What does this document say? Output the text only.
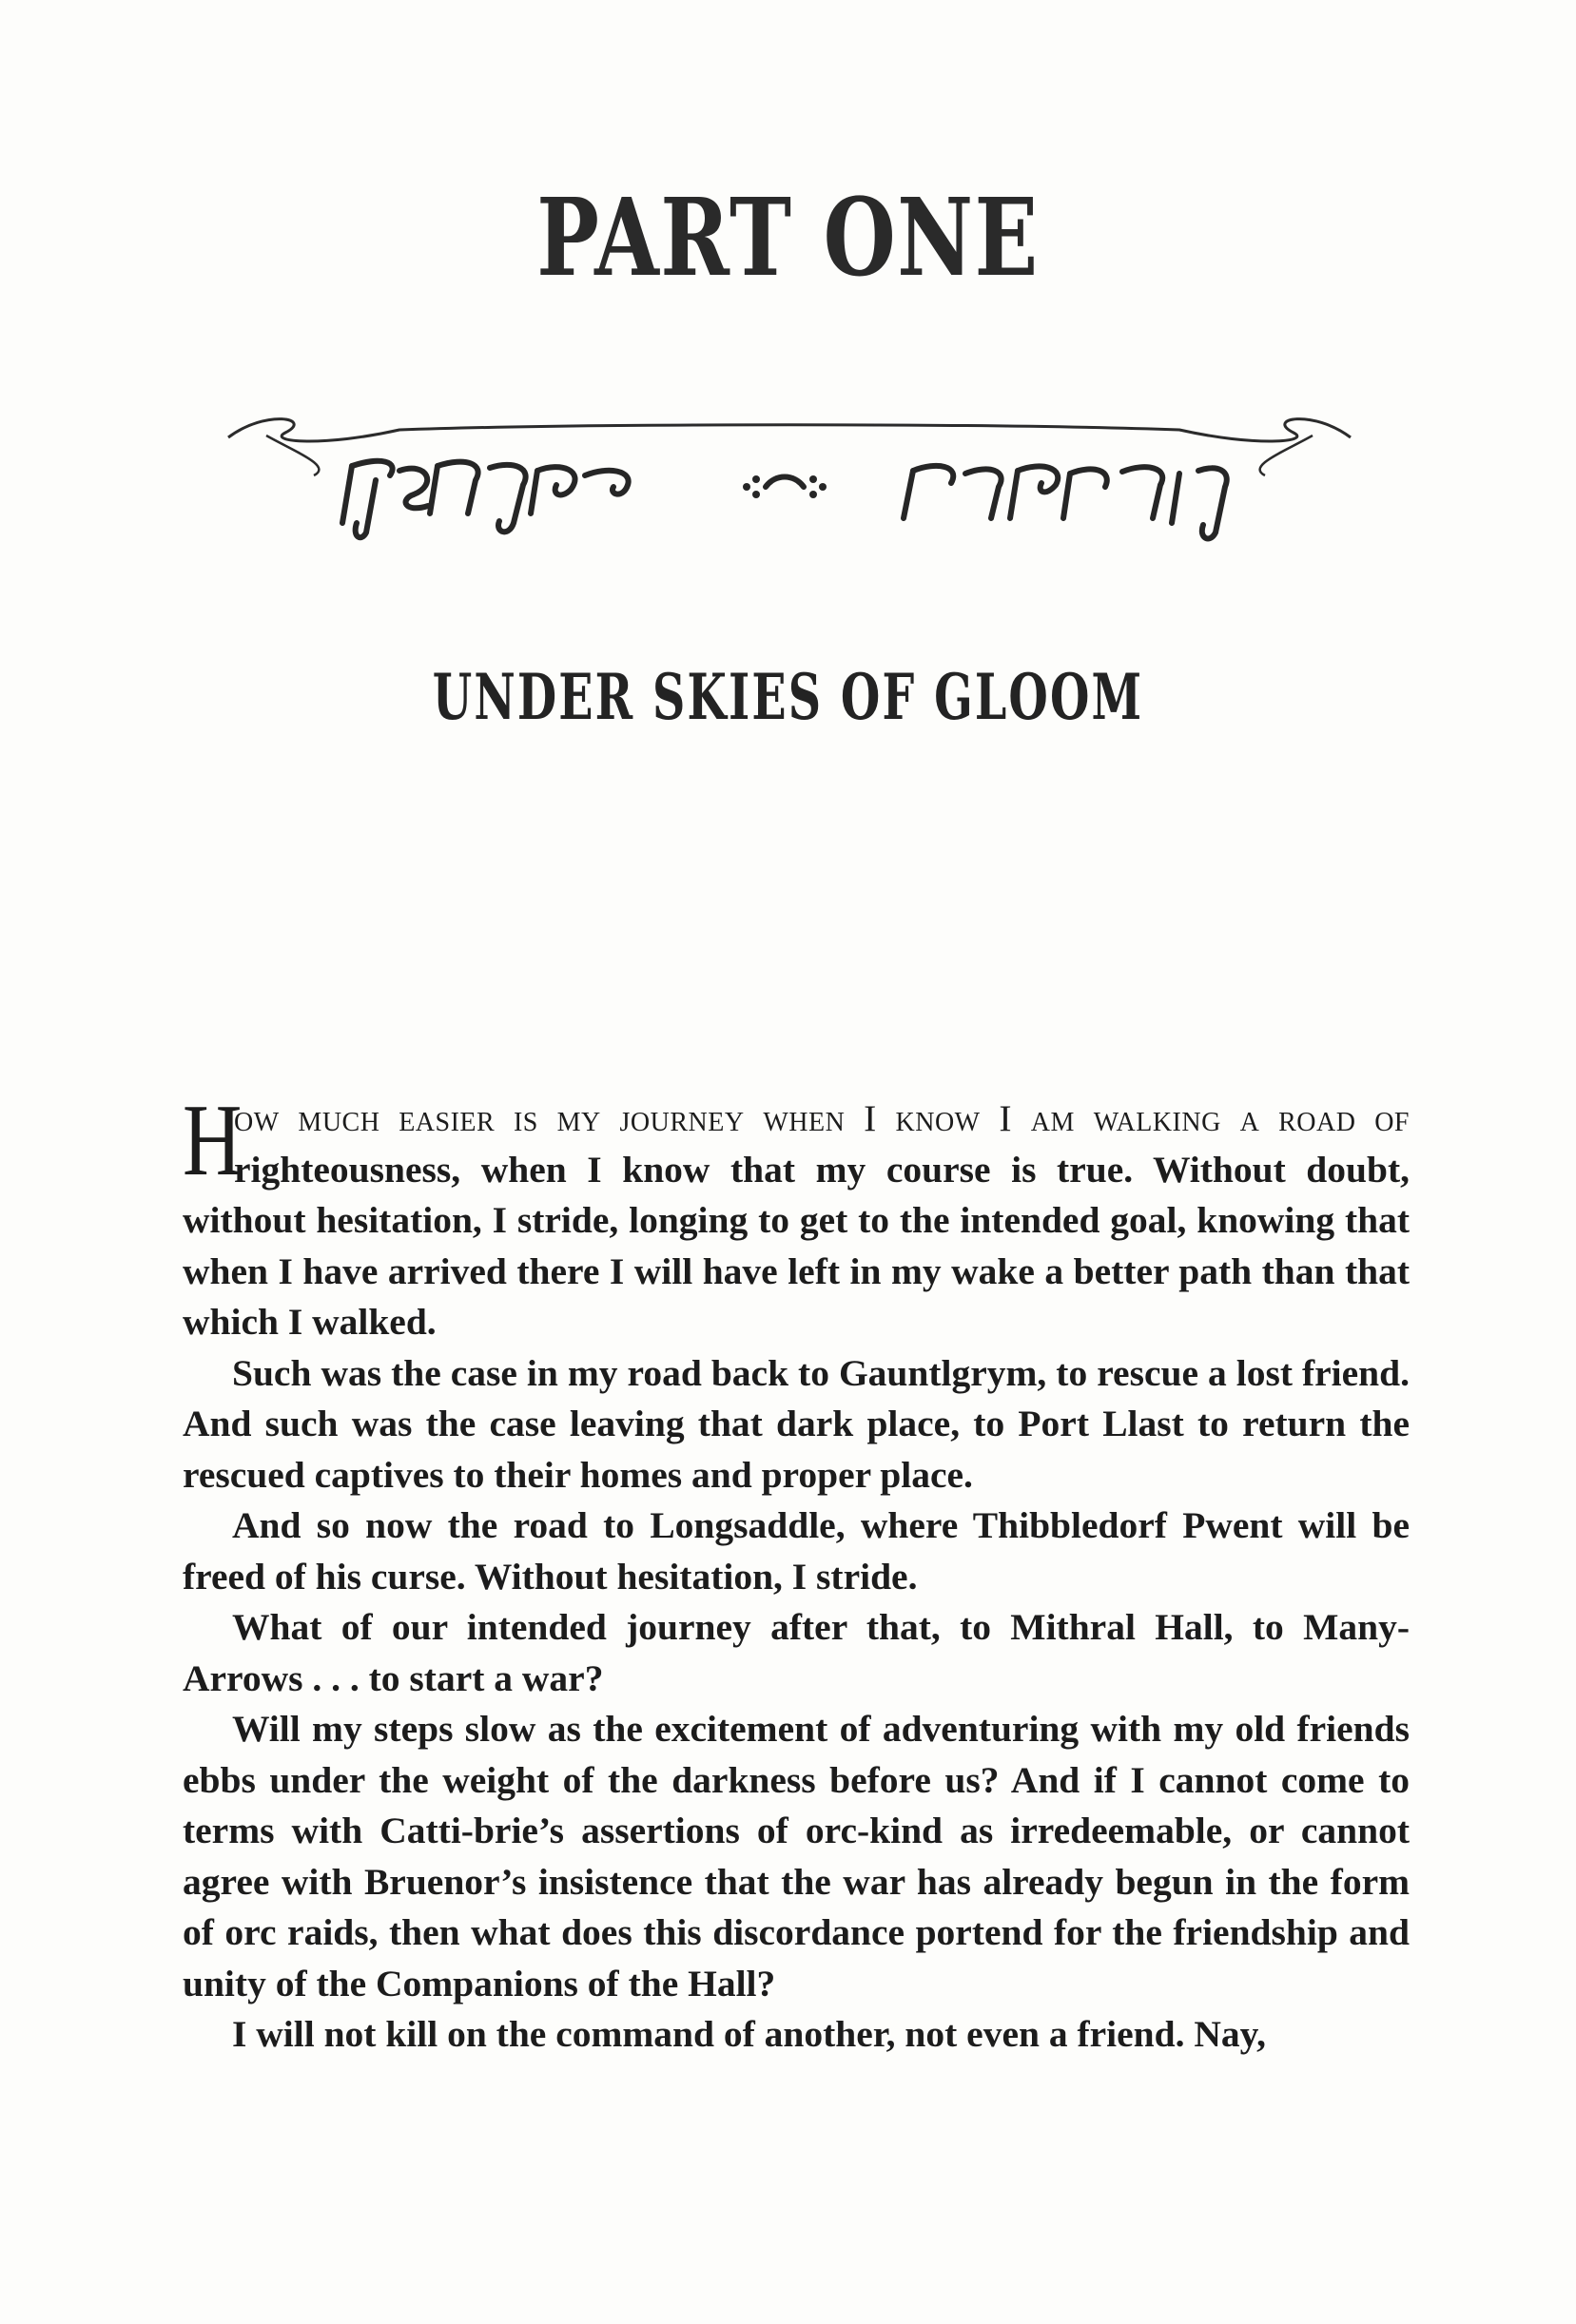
PART ONE
UNDER SKIES OF GLOOM

H
ow much easier is my journey when I know I am walking a road of righteousness, when I know that my course is true. Without doubt, without hesitation, I stride, longing to get to the intended goal, knowing that when I have arrived there I will have left in my wake a better path than that which I walked.

Such was the case in my road back to Gauntlgrym, to rescue a lost friend. And such was the case leaving that dark place, to Port Llast to return the rescued captives to their homes and proper place.

And so now the road to Longsaddle, where Thibbledorf Pwent will be freed of his curse. Without hesitation, I stride.

What of our intended journey after that, to Mithral Hall, to Many-Arrows . . . to start a war?

Will my steps slow as the excitement of adventuring with my old friends ebbs under the weight of the darkness before us? And if I cannot come to terms with Catti-brie’s assertions of orc-kind as irredeemable, or cannot agree with Bruenor’s insistence that the war has already begun in the form of orc raids, then what does this discordance portend for the friendship and unity of the Companions of the Hall?

I will not kill on the command of another, not even a friend. Nay,
